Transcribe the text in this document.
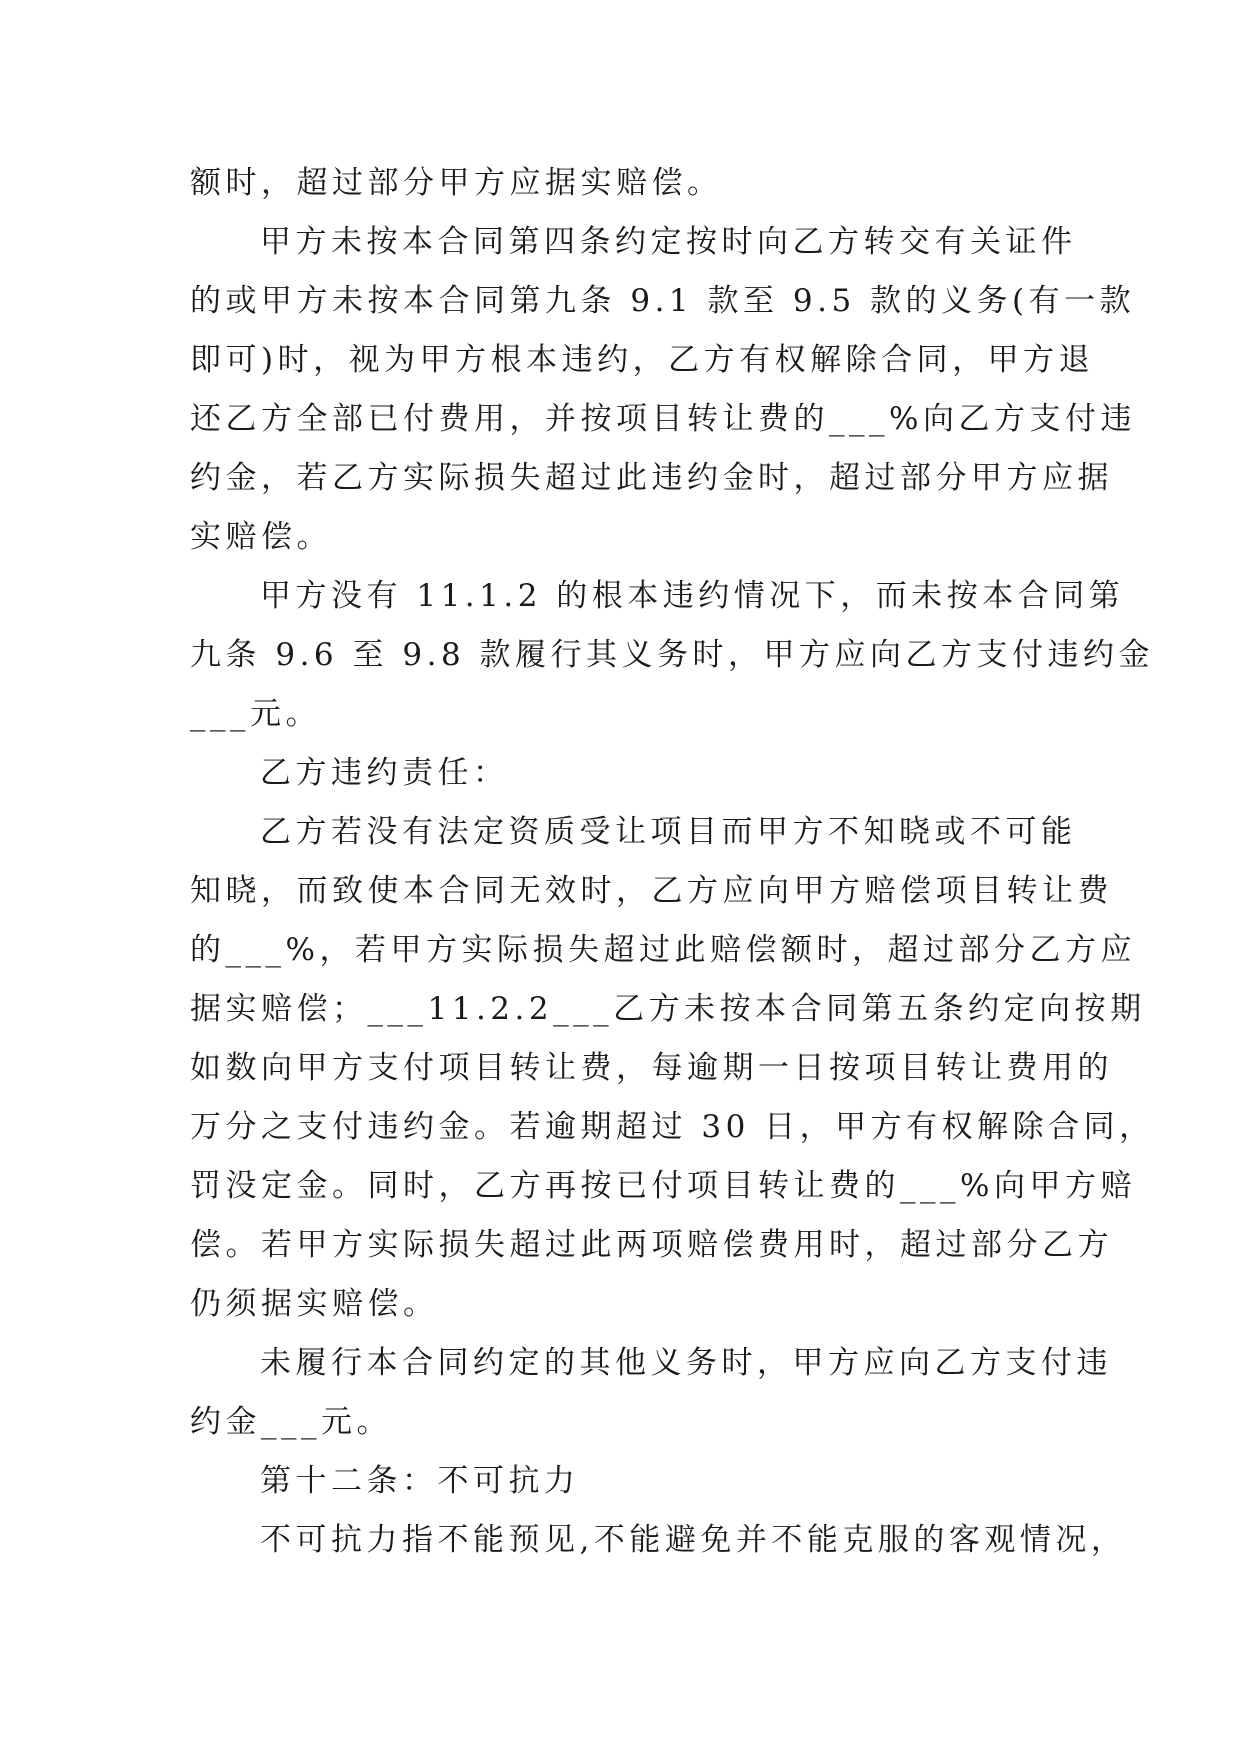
额时，超过部分甲方应据实赔偿。
甲方未按本合同第四条约定按时向乙方转交有关证件
的或甲方未按本合同第九条 9.1 款至 9.5 款的义务(有一款
即可)时，视为甲方根本违约，乙方有权解除合同，甲方退
还乙方全部已付费用，并按项目转让费的___%向乙方支付违
约金，若乙方实际损失超过此违约金时，超过部分甲方应据
实赔偿。
甲方没有 11.1.2 的根本违约情况下，而未按本合同第
九条 9.6 至 9.8 款履行其义务时，甲方应向乙方支付违约金
___元。
乙方违约责任：
乙方若没有法定资质受让项目而甲方不知晓或不可能
知晓，而致使本合同无效时，乙方应向甲方赔偿项目转让费
的___%，若甲方实际损失超过此赔偿额时，超过部分乙方应
据实赔偿；___11.2.2___乙方未按本合同第五条约定向按期
如数向甲方支付项目转让费，每逾期一日按项目转让费用的
万分之支付违约金。若逾期超过 30 日，甲方有权解除合同，
罚没定金。同时，乙方再按已付项目转让费的___%向甲方赔
偿。若甲方实际损失超过此两项赔偿费用时，超过部分乙方
仍须据实赔偿。
未履行本合同约定的其他义务时，甲方应向乙方支付违
约金___元。
第十二条：不可抗力
不可抗力指不能预见,不能避免并不能克服的客观情况，
